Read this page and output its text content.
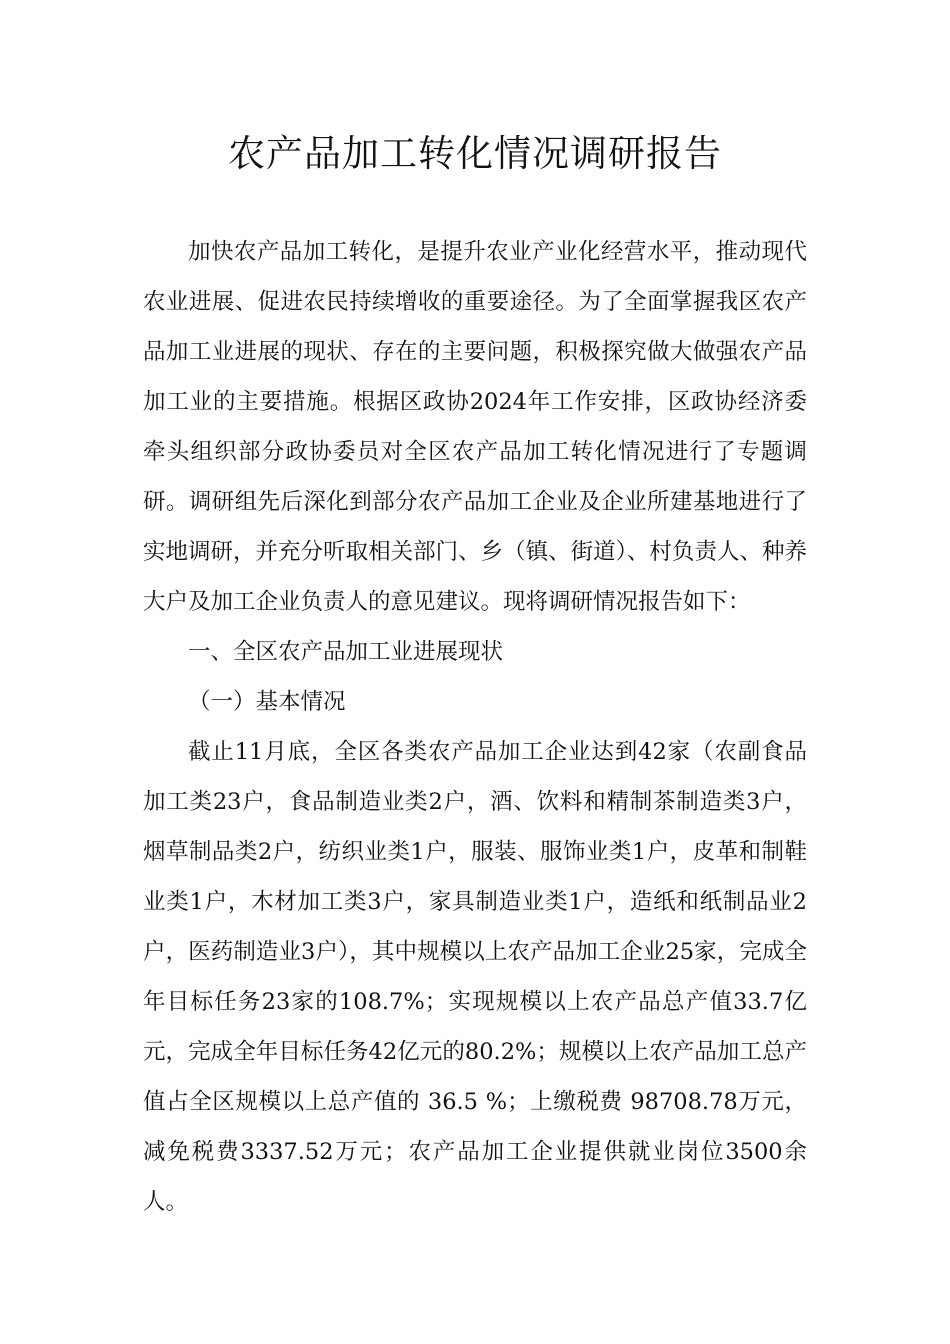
农产品加工转化情况调研报告

加快农产品加工转化，是提升农业产业化经营水平，推动现代农业进展、促进农民持续增收的重要途径。为了全面掌握我区农产品加工业进展的现状、存在的主要问题，积极探究做大做强农产品加工业的主要措施。根据区政协2024年工作安排，区政协经济委牵头组织部分政协委员对全区农产品加工转化情况进行了专题调研。调研组先后深化到部分农产品加工企业及企业所建基地进行了实地调研，并充分听取相关部门、乡（镇、街道）、村负责人、种养大户及加工企业负责人的意见建议。现将调研情况报告如下：

一、全区农产品加工业进展现状

（一）基本情况

截止11月底，全区各类农产品加工企业达到42家（农副食品加工类23户，食品制造业类2户，酒、饮料和精制茶制造类3户，烟草制品类2户，纺织业类1户，服装、服饰业类1户，皮革和制鞋业类1户，木材加工类3户，家具制造业类1户，造纸和纸制品业2户，医药制造业3户），其中规模以上农产品加工企业25家，完成全年目标任务23家的108.7%；实现规模以上农产品总产值33.7亿元，完成全年目标任务42亿元的80.2%；规模以上农产品加工总产值占全区规模以上总产值的 36.5 %；上缴税费 98708.78万元，减免税费3337.52万元；农产品加工企业提供就业岗位3500余人。
